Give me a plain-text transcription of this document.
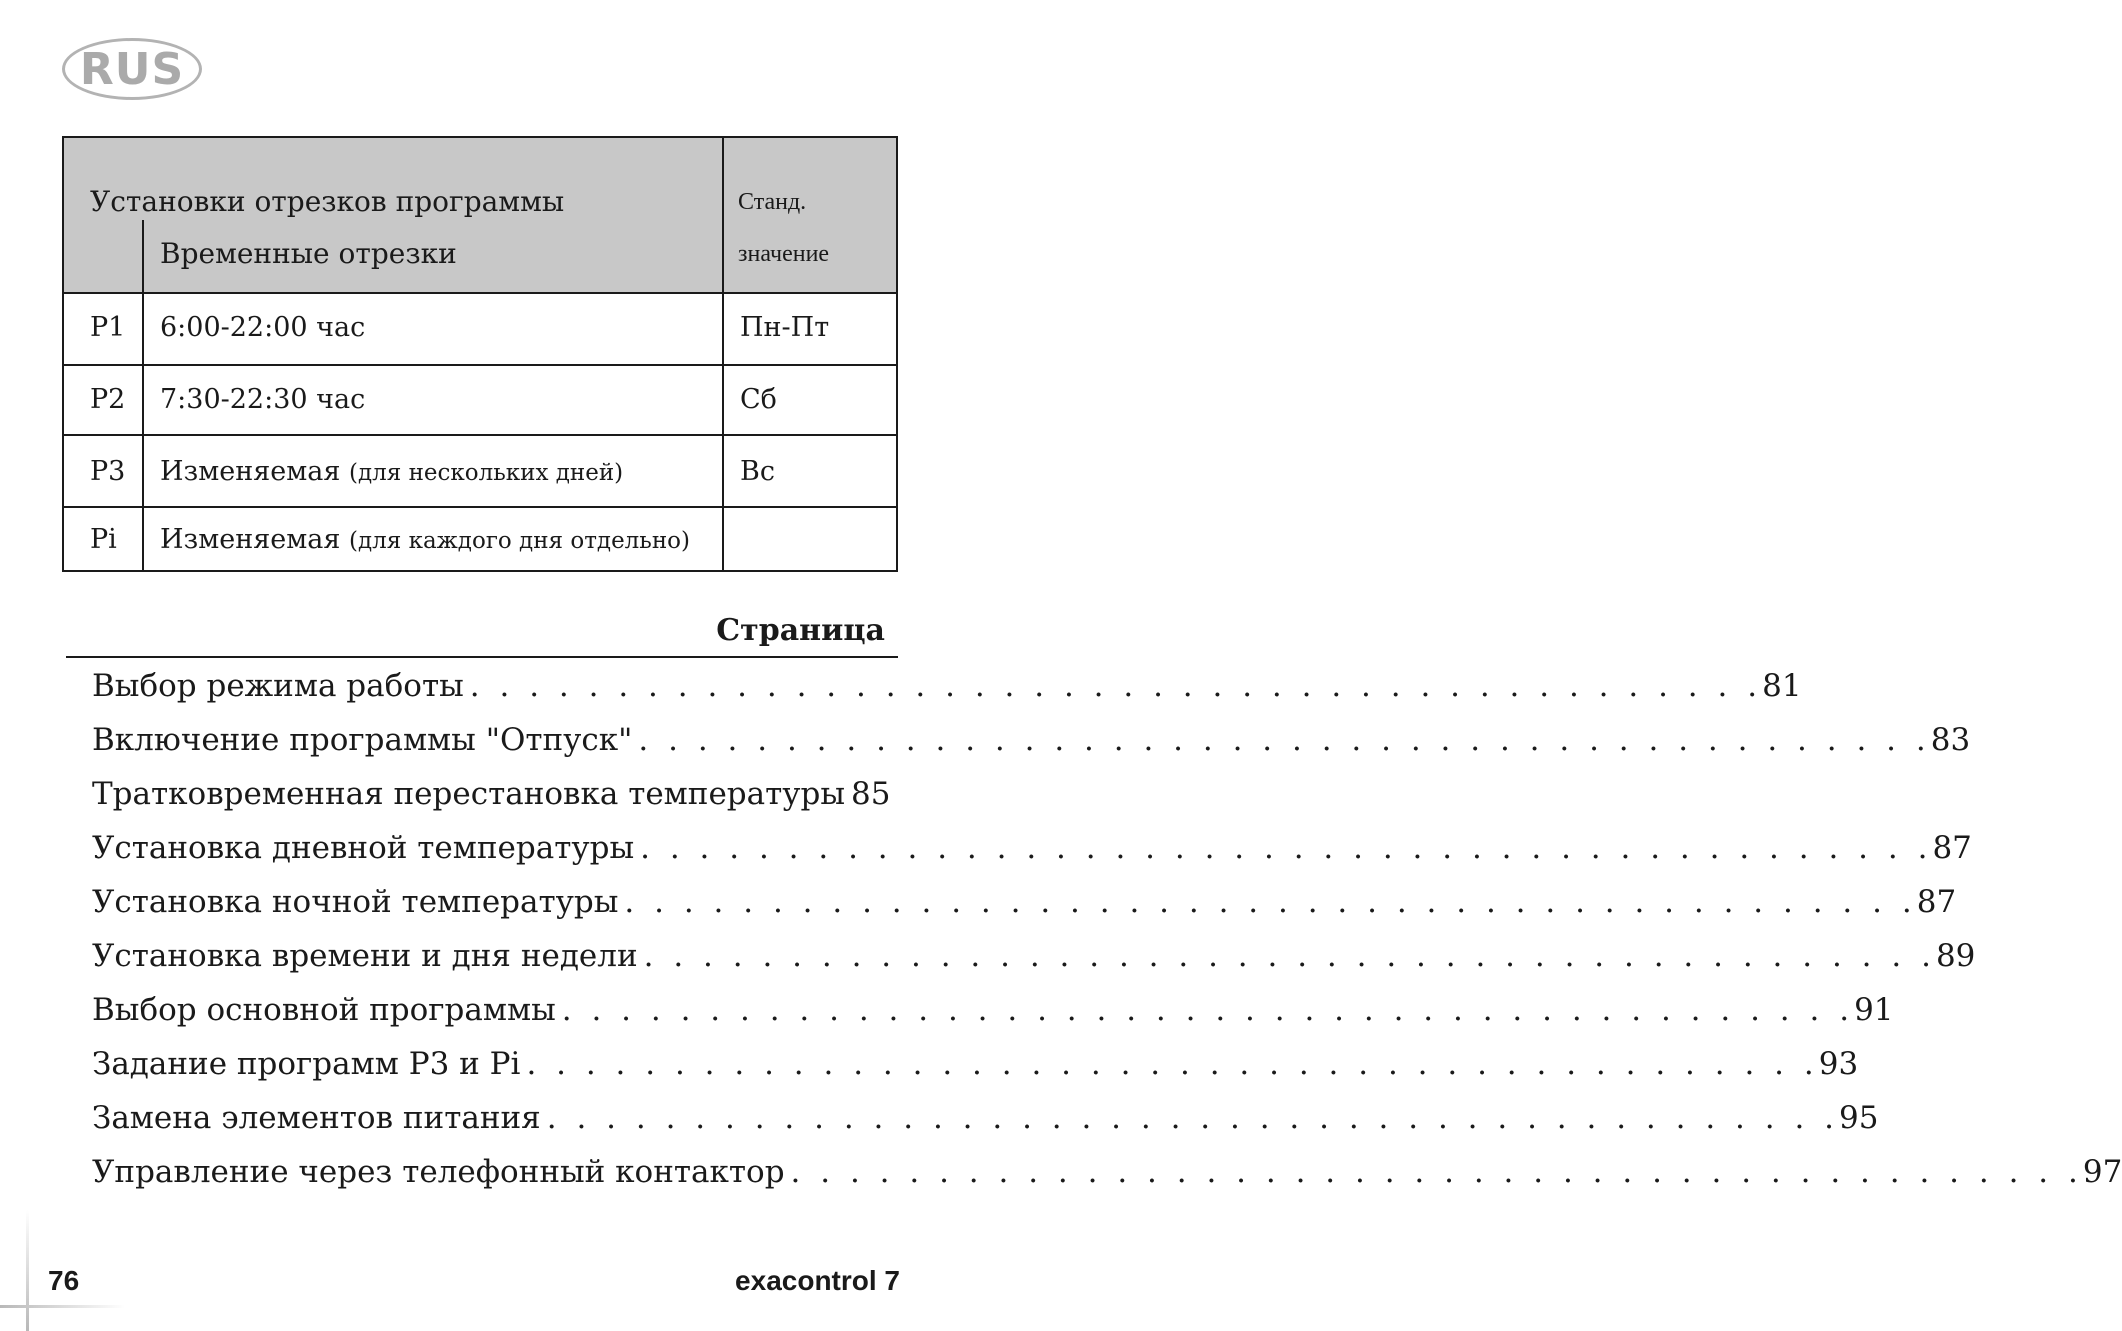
RUS
Установки отрезков программы
Временные отрезки
Станд.
значение
P1 6:00-22:00 час	Пн-Пт
P2 7:30-22:30 час	Сб
P3 Изменяемая (для нескольких дней)	Вс
Pi Изменяемая (для каждого дня отдельно)
Страница
Выбор режима работы . . . . . . . . . . . . . . . . . . . . . . . . . . . . . . . . . . . . . . . . . . . . 81
Включение программы "Отпуск" . . . . . . . . . . . . . . . . . . . . . . . . . . . . . . . . . . . . . . . . . . . . 83
Тратковременная перестановка температуры 85
Установка дневной температуры . . . . . . . . . . . . . . . . . . . . . . . . . . . . . . . . . . . . . . . . . . . . 87
Установка ночной температуры . . . . . . . . . . . . . . . . . . . . . . . . . . . . . . . . . . . . . . . . . . . . 87
Установка времени и дня недели . . . . . . . . . . . . . . . . . . . . . . . . . . . . . . . . . . . . . . . . . . . . 89
Выбор основной программы . . . . . . . . . . . . . . . . . . . . . . . . . . . . . . . . . . . . . . . . . . . . 91
Задание программ P3 и Pi . . . . . . . . . . . . . . . . . . . . . . . . . . . . . . . . . . . . . . . . . . . . 93
Замена элементов питания . . . . . . . . . . . . . . . . . . . . . . . . . . . . . . . . . . . . . . . . . . . . 95
Управление через телефонный контактор . . . . . . . . . . . . . . . . . . . . . . . . . . . . . . . . . . . . . . . . . . . . 97
76	exacontrol 7
